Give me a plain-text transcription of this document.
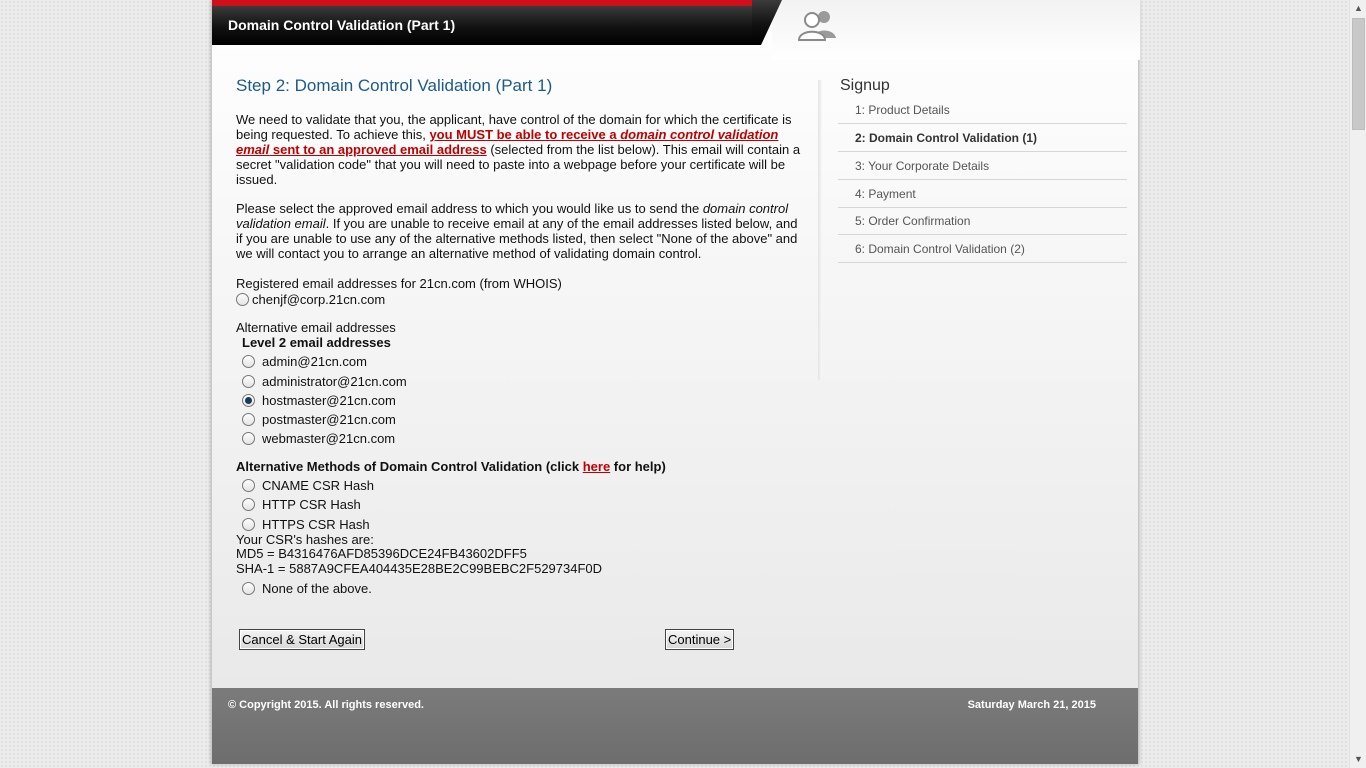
Domain Control Validation (Part 1)
Step 2: Domain Control Validation (Part 1)

We need to validate that you, the applicant, have control of the domain for which the certificate is being requested. To achieve this, you MUST be able to receive a domain control validation email sent to an approved email address (selected from the list below). This email will contain a secret "validation code" that you will need to paste into a webpage before your certificate will be issued.

Please select the approved email address to which you would like us to send the domain control validation email. If you are unable to receive email at any of the email addresses listed below, and if you are unable to use any of the alternative methods listed, then select "None of the above" and we will contact you to arrange an alternative method of validating domain control.

Registered email addresses for 21cn.com (from WHOIS)
chenjf@corp.21cn.com
Alternative email addresses
Level 2 email addresses
admin@21cn.com
administrator@21cn.com
hostmaster@21cn.com
postmaster@21cn.com
webmaster@21cn.com
Alternative Methods of Domain Control Validation (click here for help)
CNAME CSR Hash
HTTP CSR Hash
HTTPS CSR Hash
Your CSR's hashes are:
MD5 = B4316476AFD85396DCE24FB43602DFF5
SHA-1 = 5887A9CFEA404435E28BE2C99BEBC2F529734F0D
None of the above.
Cancel & Start Again	Continue >
Signup
1: Product Details
2: Domain Control Validation (1)
3: Your Corporate Details
4: Payment
5: Order Confirmation
6: Domain Control Validation (2)
© Copyright 2015. All rights reserved.	Saturday March 21, 2015
▲
▼
